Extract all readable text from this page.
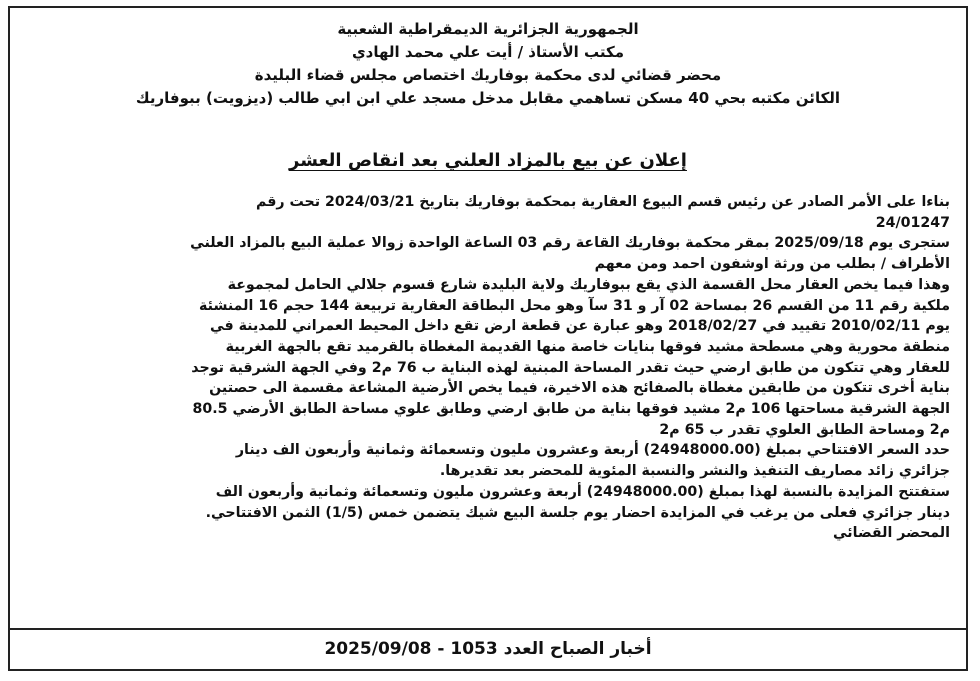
الجمهورية الجزائرية الديمقراطية الشعبية
مكتب الأستاذ / أيت علي محمد الهادي
محضر قضائي لدى محكمة بوفاريك اختصاص مجلس قضاء البليدة
الكائن مكتبه بحي 40 مسكن تساهمي مقابل مدخل مسجد علي ابن ابي طالب (ديزويت) ببوفاريك
إعلان عن بيع بالمزاد العلني بعد انقاص العشر
بناءا على الأمر الصادر عن رئيس قسم البيوع العقارية بمحكمة بوفاريك بتاريخ 2024/03/21 تحت رقم
24/01247
ستجرى يوم 2025/09/18 بمقر محكمة بوفاريك القاعة رقم 03 الساعة الواحدة زوالا عملية البيع بالمزاد العلني
الأطراف / بطلب من ورثة اوشفون احمد ومن معهم
وهذا فيما يخص العقار محل القسمة الذي يقع ببوفاريك ولاية البليدة شارع قسوم جلالي الحامل لمجموعة
ملكية رقم 11 من القسم 26 بمساحة 02 آر و 31 سآ وهو محل البطاقة العقارية تربيعة 144 حجم 16 المنشئة
يوم 2010/02/11 تقييد في 2018/02/27 وهو عبارة عن قطعة ارض تقع داخل المحيط العمراني للمدينة في
منطقة محورية وهي مسطحة مشيد فوقها بنايات خاصة منها القديمة المغطاة بالقرميد تقع بالجهة الغربية
للعقار وهي تتكون من طابق ارضي حيث تقدر المساحة المبنية لهذه البناية ب 76 م2 وفي الجهة الشرقية توجد
بناية أخرى تتكون من طابقين مغطاة بالصفائح هذه الاخيرة، فيما يخص الأرضية المشاعة مقسمة الى حصتين
الجهة الشرقية مساحتها 106 م2 مشيد فوقها بناية من طابق ارضي وطابق علوي مساحة الطابق الأرضي 80.5
م2 ومساحة الطابق العلوي تقدر ب 65 م2
حدد السعر الافتتاحي بمبلغ (24948000.00) أربعة وعشرون مليون وتسعمائة وثمانية وأربعون الف دينار
جزائري زائد مصاريف التنفيذ والنشر والنسبة المئوية للمحضر بعد تقديرها.
ستفتتح المزايدة بالنسبة لهذا بمبلغ (24948000.00) أربعة وعشرون مليون وتسعمائة وثمانية وأربعون الف
دينار جزائري فعلى من يرغب في المزايدة احضار يوم جلسة البيع شيك يتضمن خمس (1/5) الثمن الافتتاحي.
المحضر القضائي
أخبار الصباح العدد 1053 - 2025/09/08
